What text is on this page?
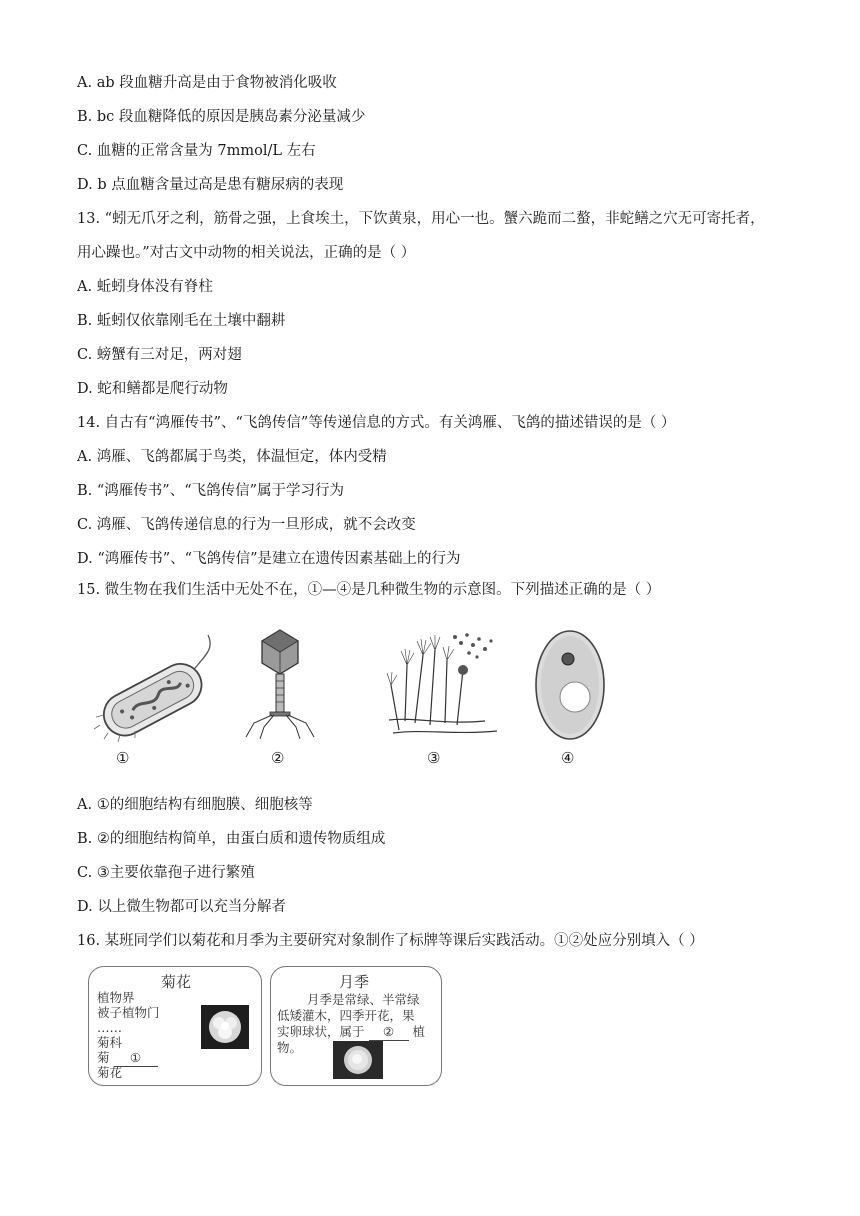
A. ab 段血糖升高是由于食物被消化吸收
B. bc 段血糖降低的原因是胰岛素分泌量减少
C. 血糖的正常含量为 7mmol/L 左右
D. b 点血糖含量过高是患有糖尿病的表现
13. “蚓无爪牙之利，筋骨之强，上食埃土，下饮黄泉，用心一也。蟹六跪而二螯，非蛇鳝之穴无可寄托者，
用心躁也。”对古文中动物的相关说法，正确的是（ ）
A. 蚯蚓身体没有脊柱
B. 蚯蚓仅依靠刚毛在土壤中翻耕
C. 螃蟹有三对足，两对翅
D. 蛇和鳝都是爬行动物
14. 自古有“鸿雁传书”、“飞鸽传信”等传递信息的方式。有关鸿雁、飞鸽的描述错误的是（ ）
A. 鸿雁、飞鸽都属于鸟类，体温恒定，体内受精
B. “鸿雁传书”、“飞鸽传信”属于学习行为
C. 鸿雁、飞鸽传递信息的行为一旦形成，就不会改变
D. “鸿雁传书”、“飞鸽传信”是建立在遗传因素基础上的行为
15. 微生物在我们生活中无处不在，①—④是几种微生物的示意图。下列描述正确的是（ ）
①	②	③	④
A. ①的细胞结构有细胞膜、细胞核等
B. ②的细胞结构简单，由蛋白质和遗传物质组成
C. ③主要依靠孢子进行繁殖
D. 以上微生物都可以充当分解者
16. 某班同学们以菊花和月季为主要研究对象制作了标牌等课后实践活动。①②处应分别填入（ ）
菊花
植物界
被子植物门
……
菊科
菊 ①
菊花
月季
月季是常绿、半常绿
低矮灌木，四季开花，果
实卵球状，属于 ② 植
物。
